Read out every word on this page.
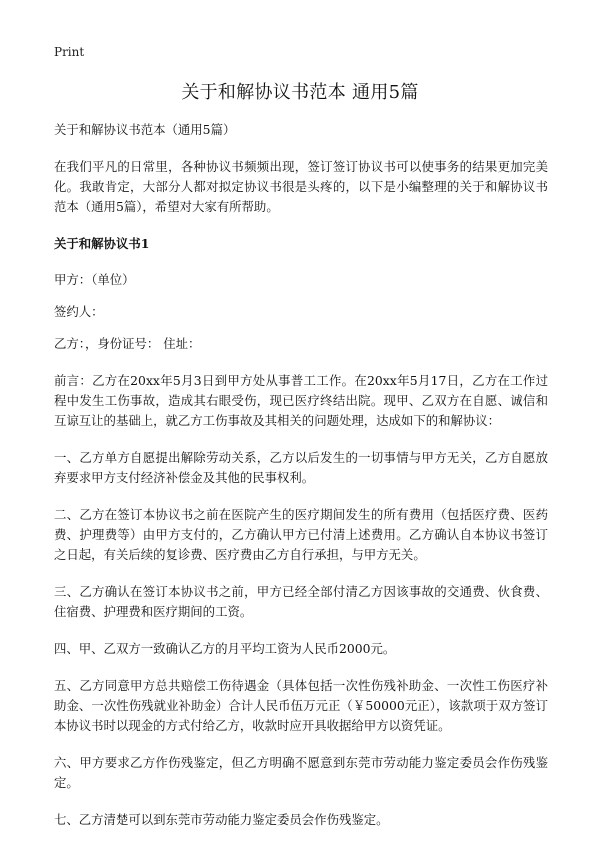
Print
关于和解协议书范本 通用5篇

关于和解协议书范本（通用5篇）

在我们平凡的日常里，各种协议书频频出现，签订签订协议书可以使事务的结果更加完美化。我敢肯定，大部分人都对拟定协议书很是头疼的，以下是小编整理的关于和解协议书范本（通用5篇），希望对大家有所帮助。

关于和解协议书1

甲方：（单位）

签约人：

乙方：，身份证号： 住址：

前言：乙方在20xx年5月3日到甲方处从事普工工作。在20xx年5月17日，乙方在工作过程中发生工伤事故，造成其右眼受伤，现已医疗终结出院。现甲、乙双方在自愿、诚信和互谅互让的基础上，就乙方工伤事故及其相关的问题处理，达成如下的和解协议：

一、乙方单方自愿提出解除劳动关系，乙方以后发生的一切事情与甲方无关，乙方自愿放弃要求甲方支付经济补偿金及其他的民事权利。

二、乙方在签订本协议书之前在医院产生的医疗期间发生的所有费用（包括医疗费、医药费、护理费等）由甲方支付的，乙方确认甲方已付清上述费用。乙方确认自本协议书签订之日起，有关后续的复诊费、医疗费由乙方自行承担，与甲方无关。

三、乙方确认在签订本协议书之前，甲方已经全部付清乙方因该事故的交通费、伙食费、住宿费、护理费和医疗期间的工资。

四、甲、乙双方一致确认乙方的月平均工资为人民币2000元。

五、乙方同意甲方总共赔偿工伤待遇金（具体包括一次性伤残补助金、一次性工伤医疗补助金、一次性伤残就业补助金）合计人民币伍万元正（￥50000元正），该款项于双方签订本协议书时以现金的方式付给乙方，收款时应开具收据给甲方以资凭证。

六、甲方要求乙方作伤残鉴定，但乙方明确不愿意到东莞市劳动能力鉴定委员会作伤残鉴定。

七、乙方清楚可以到东莞市劳动能力鉴定委员会作伤残鉴定。
